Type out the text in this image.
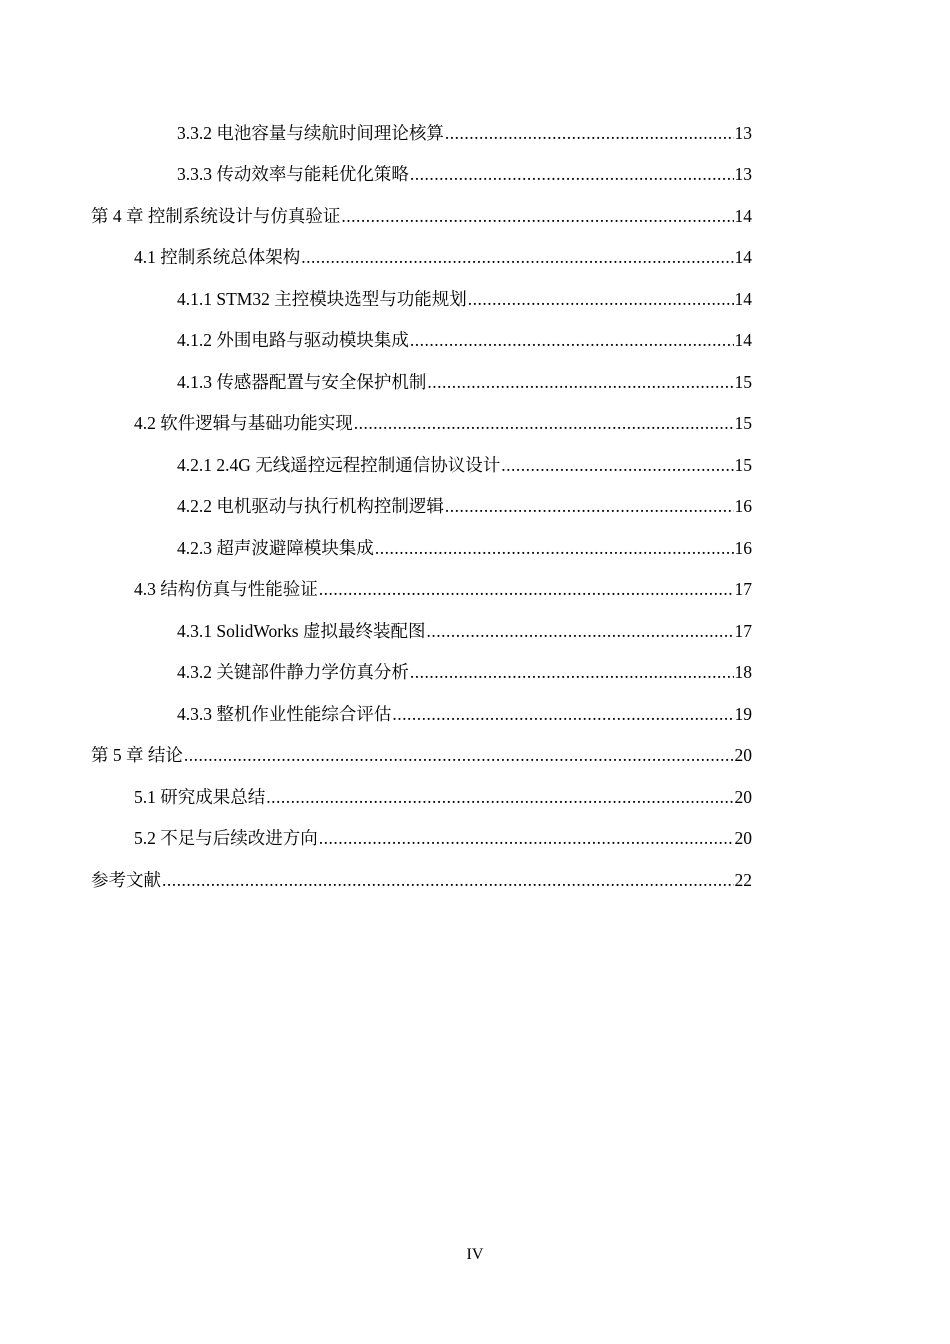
3.3.2 电池容量与续航时间理论核算 .....	13
3.3.3 传动效率与能耗优化策略 .....	13
第 4 章 控制系统设计与仿真验证 .....	14
4.1 控制系统总体架构 .....	14
4.1.1 STM32 主控模块选型与功能规划 .....	14
4.1.2 外围电路与驱动模块集成 .....	14
4.1.3 传感器配置与安全保护机制 .....	15
4.2 软件逻辑与基础功能实现 .....	15
4.2.1 2.4G 无线遥控远程控制通信协议设计 .....	15
4.2.2 电机驱动与执行机构控制逻辑 .....	16
4.2.3 超声波避障模块集成 .....	16
4.3 结构仿真与性能验证 .....	17
4.3.1 SolidWorks 虚拟最终装配图 .....	17
4.3.2 关键部件静力学仿真分析 .....	18
4.3.3 整机作业性能综合评估 .....	19
第 5 章 结论 .....	20
5.1 研究成果总结 .....	20
5.2 不足与后续改进方向 .....	20
参考文献 .....	22
IV
